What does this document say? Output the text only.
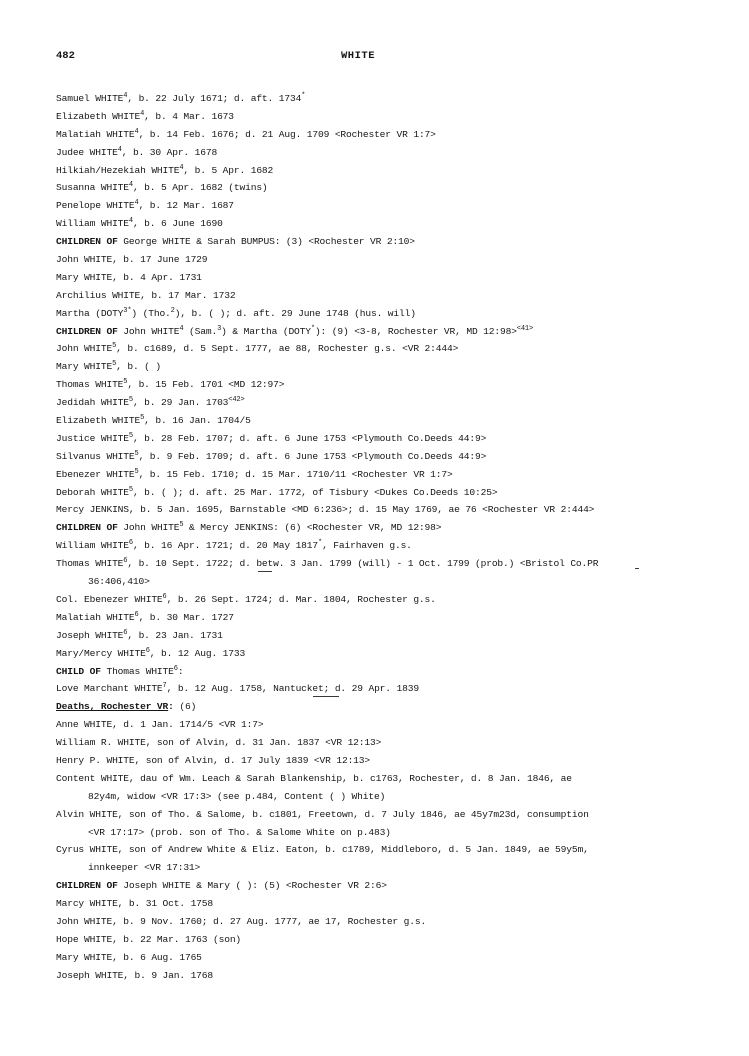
482	WHITE
Samuel WHITE$^4$, b. 22 July 1671; d. aft. 1734*
Elizabeth WHITE$^4$, b. 4 Mar. 1673
Malatiah WHITE$^4$, b. 14 Feb. 1676; d. 21 Aug. 1709 <Rochester VR 1:7>
Judee WHITE$^4$, b. 30 Apr. 1678
Hilkiah/Hezekiah WHITE$^4$, b. 5 Apr. 1682
Susanna WHITE$^4$, b. 5 Apr. 1682 (twins)
Penelope WHITE$^4$, b. 12 Mar. 1687
William WHITE$^4$, b. 6 June 1690
CHILDREN OF George WHITE & Sarah BUMPUS: (3) <Rochester VR 2:10>
John WHITE, b. 17 June 1729
Mary WHITE, b. 4 Apr. 1731
Archilius WHITE, b. 17 Mar. 1732
Martha $(DOTY^{3*})$ (Tho.$^2$), b. ( ); d. aft. 29 June 1748 (hus. will)
CHILDREN OF John WHITE$^4$ (Sam.$^3$) & Martha (DOTY*): (9) <3-8, Rochester VR, MD 12:98>$^{<41>}$
John WHITE$^5$, b. c1689, d. 5 Sept. 1777, ae 88, Rochester g.s. <VR 2:444>
Mary WHITE$^5$, b. ( )
Thomas WHITE$^5$, b. 15 Feb. 1701 <MD 12:97>
Jedidah WHITE$^5$, b. 29 Jan. $1703^{<42>}$
Elizabeth WHITE$^5$, b. 16 Jan. 1704/5
Justice WHITE$^5$, b. 28 Feb. 1707; d. aft. 6 June 1753 <Plymouth Co.Deeds 44:9>
Silvanus WHITE$^5$, b. 9 Feb. 1709; d. aft. 6 June 1753 <Plymouth Co.Deeds 44:9>
Ebenezer WHITE$^5$, b. 15 Feb. 1710; d. 15 Mar. 1710/11 <Rochester VR 1:7>
Deborah WHITE$^5$, b. ( ); d. aft. 25 Mar. 1772, of Tisbury <Dukes Co.Deeds 10:25>
Mercy JENKINS, b. 5 Jan. 1695, Barnstable <MD 6:236>; d. 15 May 1769, ae 76 <Rochester VR 2:444>
CHILDREN OF John WHITE$^5$ & Mercy JENKINS: (6) <Rochester VR, MD 12:98>
William WHITE$^6$, b. 16 Apr. 1721; d. 20 May 1817*, Fairhaven g.s.
Thomas WHITE$^6$, b. 10 Sept. 1722; d. betw. 3 Jan. 1799 (will) - 1 Oct. 1799 (prob.) <Bristol Co.PR
36:406,410>
Col. Ebenezer WHITE$^6$, b. 26 Sept. 1724; d. Mar. 1804, Rochester g.s.
Malatiah WHITE$^6$, b. 30 Mar. 1727
Joseph WHITE$^6$, b. 23 Jan. 1731
Mary/Mercy WHITE$^6$, b. 12 Aug. 1733
CHILD OF Thomas WHITE$^6$:
Love Marchant WHITE$^7$, b. 12 Aug. 1758, Nantucket; d. 29 Apr. 1839
Deaths, Rochester VR: (6)
Anne WHITE, d. 1 Jan. 1714/5 <VR 1:7>
William R. WHITE, son of Alvin, d. 31 Jan. 1837 <VR 12:13>
Henry P. WHITE, son of Alvin, d. 17 July 1839 <VR 12:13>
Content WHITE, dau of Wm. Leach & Sarah Blankenship, b. c1763, Rochester, d. 8 Jan. 1846, ae
82y4m, widow <VR 17:3> (see p.484, Content ( ) White)
Alvin WHITE, son of Tho. & Salome, b. c1801, Freetown, d. 7 July 1846, ae 45y7m23d, consumption
<VR 17:17> (prob. son of Tho. & Salome White on p.483)
Cyrus WHITE, son of Andrew White & Eliz. Eaton, b. c1789, Middleboro, d. 5 Jan. 1849, ae 59y5m,
innkeeper <VR 17:31>
CHILDREN OF Joseph WHITE & Mary ( ): (5) <Rochester VR 2:6>
Marcy WHITE, b. 31 Oct. 1758
John WHITE, b. 9 Nov. 1760; d. 27 Aug. 1777, ae 17, Rochester g.s.
Hope WHITE, b. 22 Mar. 1763 (son)
Mary WHITE, b. 6 Aug. 1765
Joseph WHITE, b. 9 Jan. 1768
